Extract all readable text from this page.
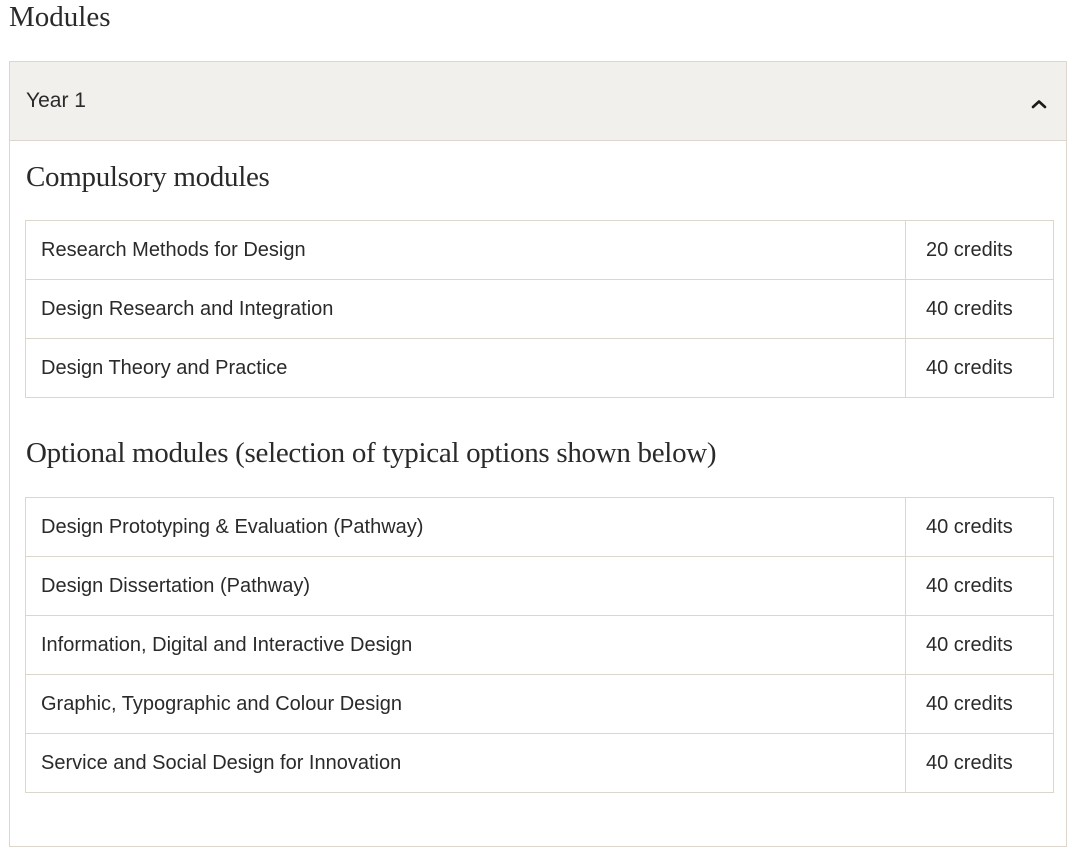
Modules
Year 1
Compulsory modules
Research Methods for Design	20 credits
Design Research and Integration	40 credits
Design Theory and Practice	40 credits
Optional modules (selection of typical options shown below)
Design Prototyping & Evaluation (Pathway)	40 credits
Design Dissertation (Pathway)	40 credits
Information, Digital and Interactive Design	40 credits
Graphic, Typographic and Colour Design	40 credits
Service and Social Design for Innovation	40 credits
